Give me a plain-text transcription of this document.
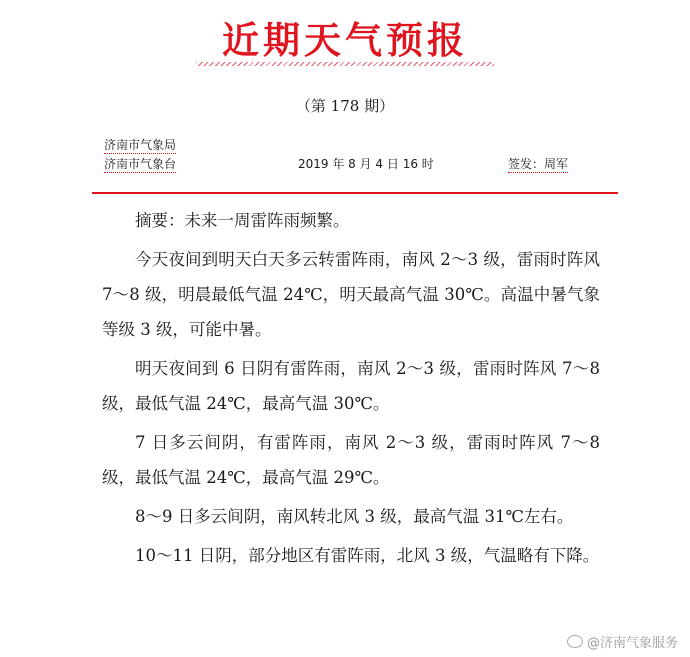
近期天气预报
（第 178 期）
济南市气象局
济南市气象台	2019 年 8 月 4 日 16 时	签发：周军

摘要：未来一周雷阵雨频繁。

今天夜间到明天白天多云转雷阵雨，南风 2～3 级，雷雨时阵风 7～8 级，明晨最低气温 24℃，明天最高气温 30℃。高温中暑气象等级 3 级，可能中暑。

明天夜间到 6 日阴有雷阵雨，南风 2～3 级，雷雨时阵风 7～8 级，最低气温 24℃，最高气温 30℃。

7 日多云间阴，有雷阵雨，南风 2～3 级，雷雨时阵风 7～8 级，最低气温 24℃，最高气温 29℃。

8～9 日多云间阴，南风转北风 3 级，最高气温 31℃左右。

10～11 日阴，部分地区有雷阵雨，北风 3 级，气温略有下降。

@济南气象服务
